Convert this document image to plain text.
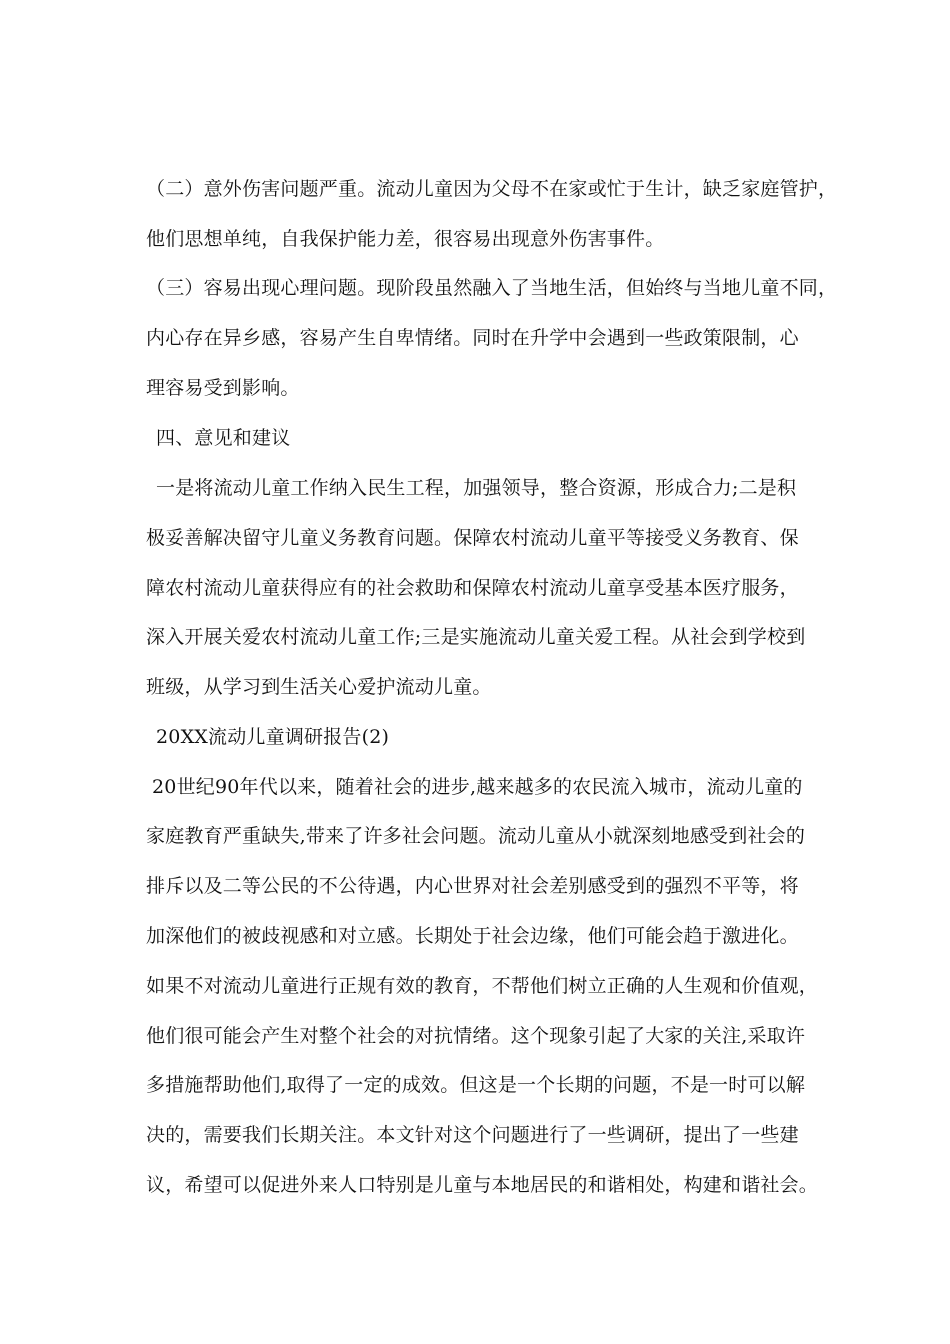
（二）意外伤害问题严重。流动儿童因为父母不在家或忙于生计，缺乏家庭管护，
他们思想单纯，自我保护能力差，很容易出现意外伤害事件。
（三）容易出现心理问题。现阶段虽然融入了当地生活，但始终与当地儿童不同，
内心存在异乡感，容易产生自卑情绪。同时在升学中会遇到一些政策限制，心
理容易受到影响。
四、意见和建议
一是将流动儿童工作纳入民生工程，加强领导，整合资源，形成合力;二是积
极妥善解决留守儿童义务教育问题。保障农村流动儿童平等接受义务教育、保
障农村流动儿童获得应有的社会救助和保障农村流动儿童享受基本医疗服务，
深入开展关爱农村流动儿童工作;三是实施流动儿童关爱工程。从社会到学校到
班级，从学习到生活关心爱护流动儿童。
20XX流动儿童调研报告(2)
20世纪90年代以来，随着社会的进步,越来越多的农民流入城市，流动儿童的
家庭教育严重缺失,带来了许多社会问题。流动儿童从小就深刻地感受到社会的
排斥以及二等公民的不公待遇，内心世界对社会差别感受到的强烈不平等，将
加深他们的被歧视感和对立感。长期处于社会边缘，他们可能会趋于激进化。
如果不对流动儿童进行正规有效的教育，不帮他们树立正确的人生观和价值观，
他们很可能会产生对整个社会的对抗情绪。这个现象引起了大家的关注,采取许
多措施帮助他们,取得了一定的成效。但这是一个长期的问题，不是一时可以解
决的，需要我们长期关注。本文针对这个问题进行了一些调研，提出了一些建
议，希望可以促进外来人口特别是儿童与本地居民的和谐相处，构建和谐社会。
